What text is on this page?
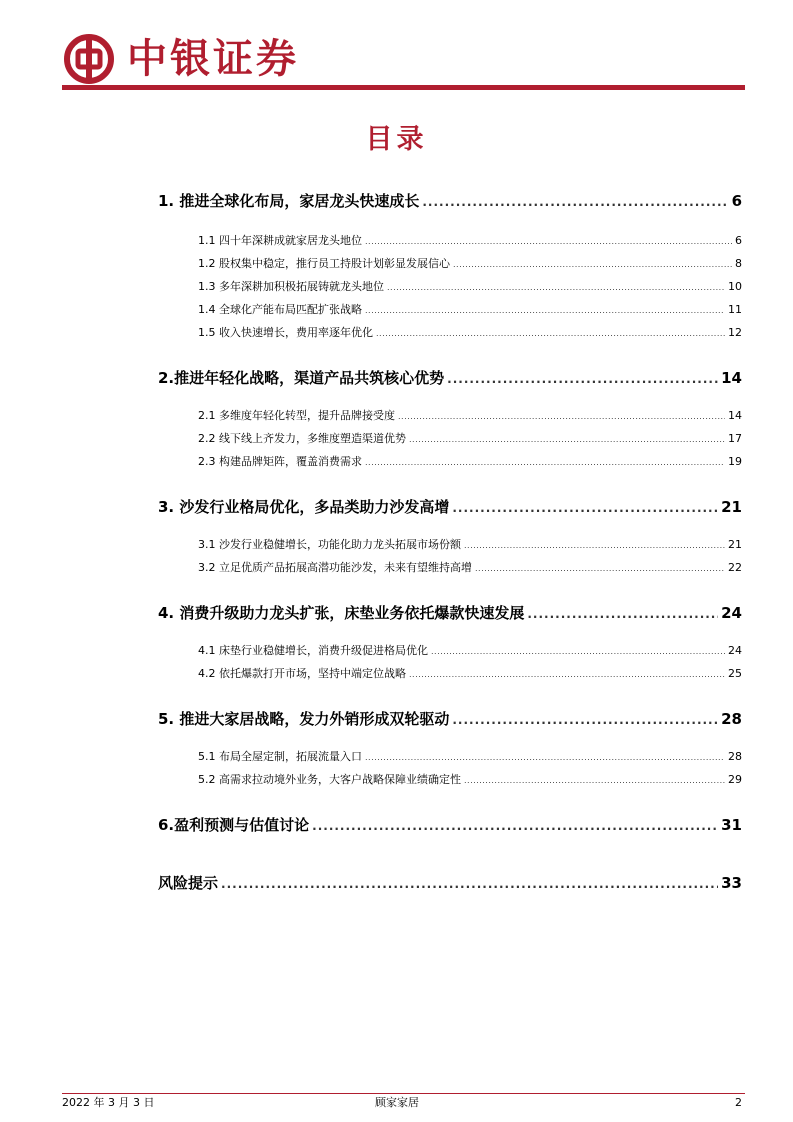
中银证券
目录
1. 推进全球化布局，家居龙头快速成长 .....	6
1.1 四十年深耕成就家居龙头地位 .....	6
1.2 股权集中稳定，推行员工持股计划彰显发展信心 .....	8
1.3 多年深耕加积极拓展铸就龙头地位 .....	10
1.4 全球化产能布局匹配扩张战略 .....	11
1.5 收入快速增长，费用率逐年优化 .....	12
2.推进年轻化战略，渠道产品共筑核心优势 .....	14
2.1 多维度年轻化转型，提升品牌接受度 .....	14
2.2 线下线上齐发力，多维度塑造渠道优势 .....	17
2.3 构建品牌矩阵，覆盖消费需求 .....	19
3. 沙发行业格局优化，多品类助力沙发高增 .....	21
3.1 沙发行业稳健增长，功能化助力龙头拓展市场份额 .....	21
3.2 立足优质产品拓展高潜功能沙发，未来有望维持高增 .....	22
4. 消费升级助力龙头扩张，床垫业务依托爆款快速发展 .....	24
4.1 床垫行业稳健增长，消费升级促进格局优化 .....	24
4.2 依托爆款打开市场，坚持中端定位战略 .....	25
5. 推进大家居战略，发力外销形成双轮驱动 .....	28
5.1 布局全屋定制，拓展流量入口 .....	28
5.2 高需求拉动境外业务，大客户战略保障业绩确定性 .....	29
6.盈利预测与估值讨论 .....	31
风险提示 .....	33
2022 年 3 月 3 日	顾家家居	2
